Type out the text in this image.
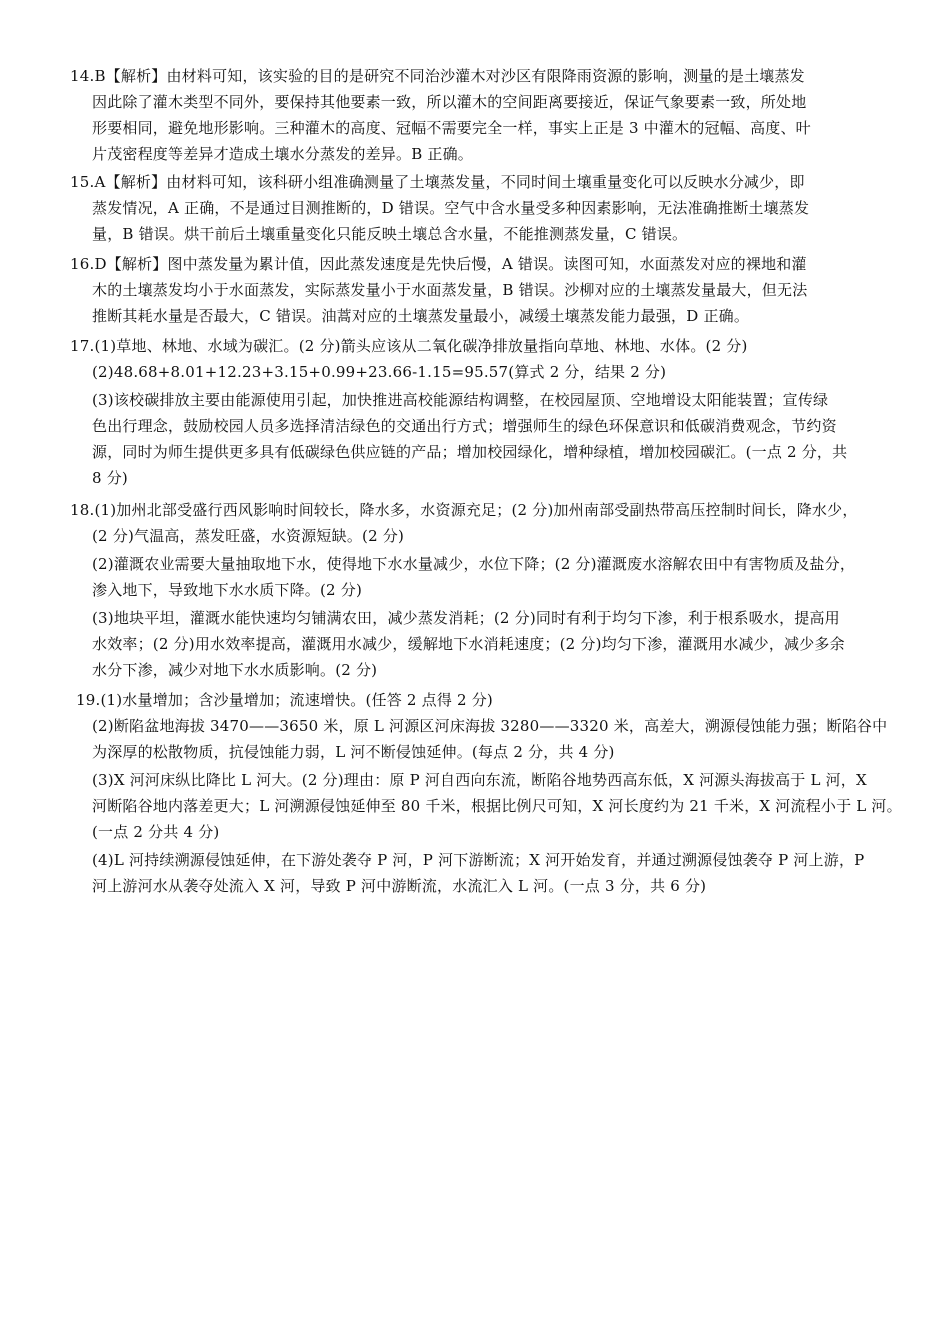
14.B【解析】由材料可知，该实验的目的是研究不同治沙灌木对沙区有限降雨资源的影响，测量的是土壤蒸发
因此除了灌木类型不同外，要保持其他要素一致，所以灌木的空间距离要接近，保证气象要素一致，所处地
形要相同，避免地形影响。三种灌木的高度、冠幅不需要完全一样，事实上正是 3 中灌木的冠幅、高度、叶
片茂密程度等差异才造成土壤水分蒸发的差异。B 正确。
15.A【解析】由材料可知，该科研小组准确测量了土壤蒸发量，不同时间土壤重量变化可以反映水分减少，即
蒸发情况，A 正确，不是通过目测推断的，D 错误。空气中含水量受多种因素影响，无法准确推断土壤蒸发
量，B 错误。烘干前后土壤重量变化只能反映土壤总含水量，不能推测蒸发量，C 错误。
16.D【解析】图中蒸发量为累计值，因此蒸发速度是先快后慢，A 错误。读图可知，水面蒸发对应的裸地和灌
木的土壤蒸发均小于水面蒸发，实际蒸发量小于水面蒸发量，B 错误。沙柳对应的土壤蒸发量最大，但无法
推断其耗水量是否最大，C 错误。油蒿对应的土壤蒸发量最小，减缓土壤蒸发能力最强，D 正确。
17.(1)草地、林地、水域为碳汇。(2 分)箭头应该从二氧化碳净排放量指向草地、林地、水体。(2 分)
(2)48.68+8.01+12.23+3.15+0.99+23.66-1.15=95.57(算式 2 分，结果 2 分)
(3)该校碳排放主要由能源使用引起，加快推进高校能源结构调整，在校园屋顶、空地增设太阳能装置；宣传绿
色出行理念，鼓励校园人员多选择清洁绿色的交通出行方式；增强师生的绿色环保意识和低碳消费观念，节约资
源，同时为师生提供更多具有低碳绿色供应链的产品；增加校园绿化，增种绿植，增加校园碳汇。(一点 2 分，共
8 分)
18.(1)加州北部受盛行西风影响时间较长，降水多，水资源充足；(2 分)加州南部受副热带高压控制时间长，降水少，
(2 分)气温高，蒸发旺盛，水资源短缺。(2 分)
(2)灌溉农业需要大量抽取地下水，使得地下水水量减少，水位下降；(2 分)灌溉废水溶解农田中有害物质及盐分，
渗入地下，导致地下水水质下降。(2 分)
(3)地块平坦，灌溉水能快速均匀铺满农田，减少蒸发消耗；(2 分)同时有利于均匀下渗，利于根系吸水，提高用
水效率；(2 分)用水效率提高，灌溉用水减少，缓解地下水消耗速度；(2 分)均匀下渗，灌溉用水减少，减少多余
水分下渗，减少对地下水水质影响。(2 分)
19.(1)水量增加；含沙量增加；流速增快。(任答 2 点得 2 分)
(2)断陷盆地海拔 3470——3650 米，原 L 河源区河床海拔 3280——3320 米，高差大，溯源侵蚀能力强；断陷谷中
为深厚的松散物质，抗侵蚀能力弱，L 河不断侵蚀延伸。(每点 2 分，共 4 分)
(3)X 河河床纵比降比 L 河大。(2 分)理由：原 P 河自西向东流，断陷谷地势西高东低，X 河源头海拔高于 L 河，X
河断陷谷地内落差更大；L 河溯源侵蚀延伸至 80 千米，根据比例尺可知，X 河长度约为 21 千米，X 河流程小于 L 河。
(一点 2 分共 4 分)
(4)L 河持续溯源侵蚀延伸，在下游处袭夺 P 河，P 河下游断流；X 河开始发育，并通过溯源侵蚀袭夺 P 河上游，P
河上游河水从袭夺处流入 X 河，导致 P 河中游断流，水流汇入 L 河。(一点 3 分，共 6 分)
